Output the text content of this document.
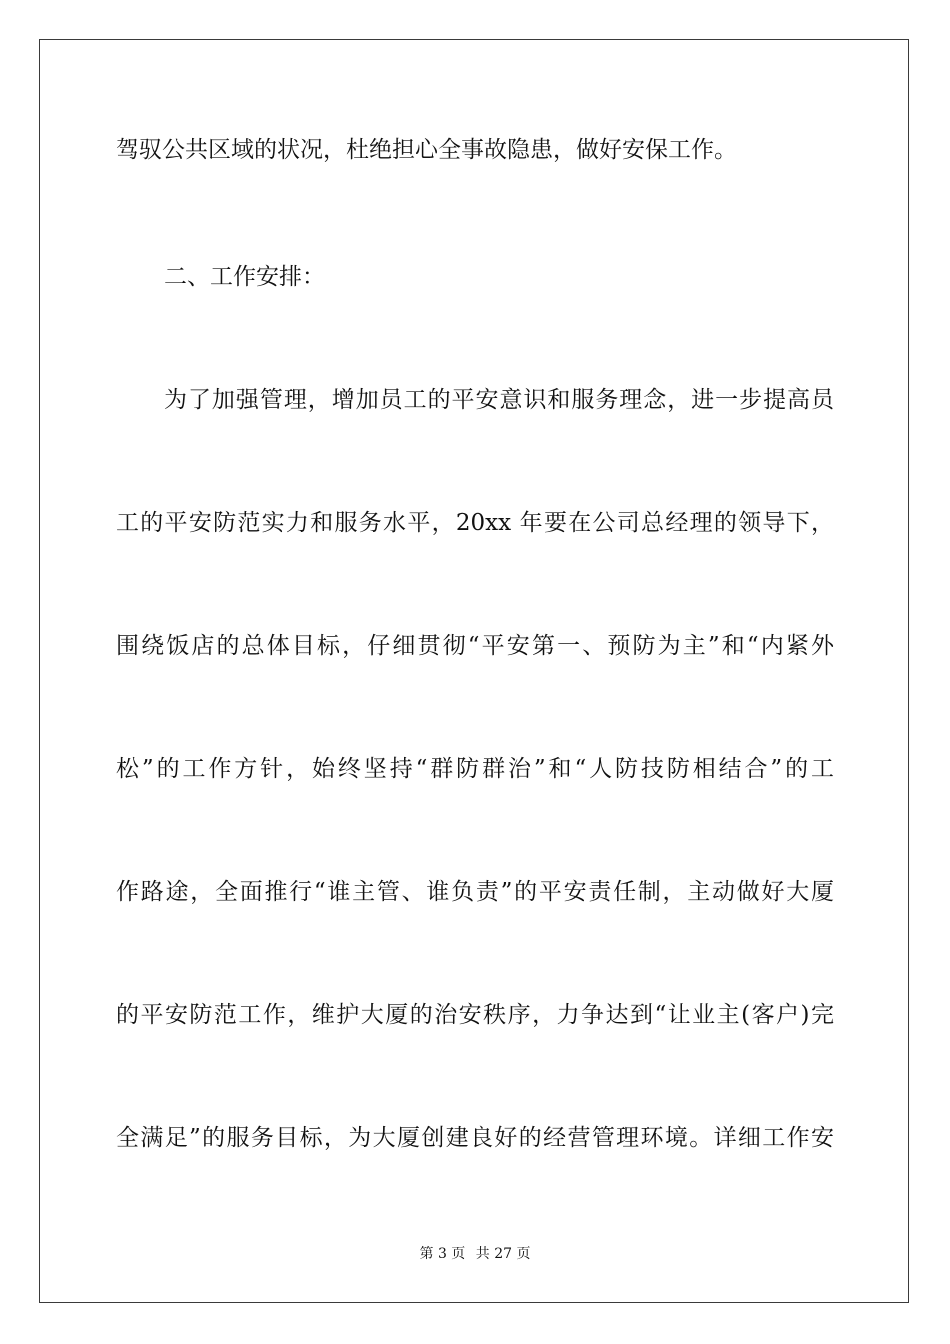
驾驭公共区域的状况，杜绝担心全事故隐患，做好安保工作。
二、工作安排：
为了加强管理，增加员工的平安意识和服务理念，进一步提高员
工的平安防范实力和服务水平，20xx 年要在公司总经理的领导下，
围绕饭店的总体目标，仔细贯彻“平安第一、预防为主”和“内紧外
松”的工作方针，始终坚持“群防群治”和“人防技防相结合”的工
作路途，全面推行“谁主管、谁负责”的平安责任制，主动做好大厦
的平安防范工作，维护大厦的治安秩序，力争达到“让业主(客户)完
全满足”的服务目标，为大厦创建良好的经营管理环境。详细工作安
第 3 页 共 27 页
